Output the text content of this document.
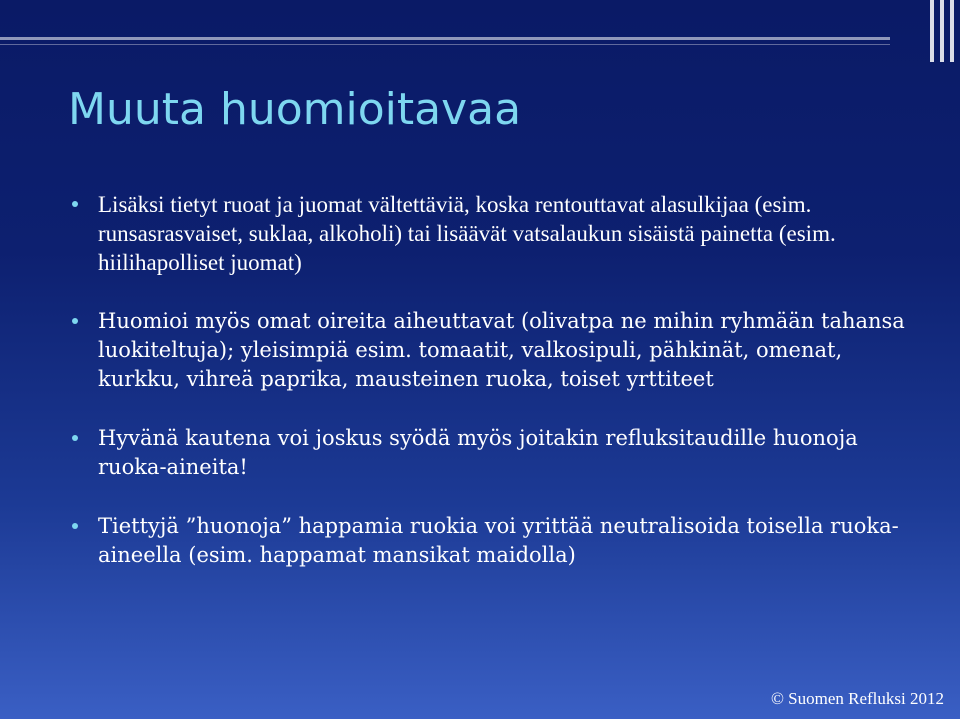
Muuta huomioitavaa
Lisäksi tietyt ruoat ja juomat vältettäviä, koska rentouttavat alasulkijaa (esim. runsasrasvaiset, suklaa, alkoholi) tai lisäävät vatsalaukun sisäistä painetta (esim. hiilihapolliset juomat)
Huomioi myös omat oireita aiheuttavat (olivatpa ne mihin ryhmään tahansa luokiteltuja); yleisimpiä esim. tomaatit, valkosipuli, pähkinät, omenat, kurkku, vihreä paprika, mausteinen ruoka, toiset yrttiteet
Hyvänä kautena voi joskus syödä myös joitakin refluksitaudille huonoja ruoka-aineita!
Tiettyjä ”huonoja” happamia ruokia voi yrittää neutralisoida toisella ruoka-aineella (esim. happamat mansikat maidolla)
© Suomen Refluksi 2012
